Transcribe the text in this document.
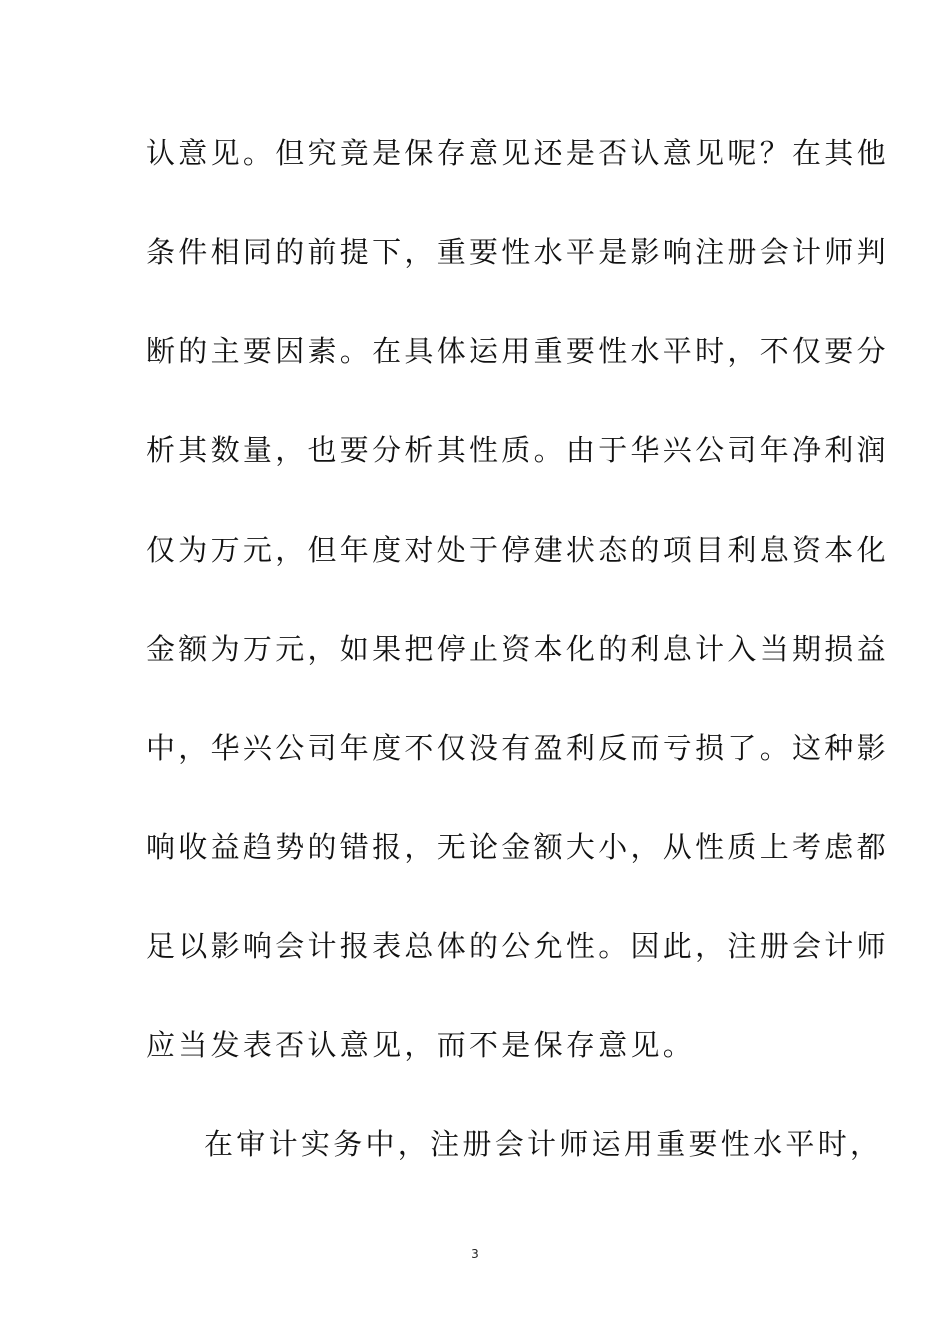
认意见。但究竟是保存意见还是否认意见呢？在其他
条件相同的前提下，重要性水平是影响注册会计师判
断的主要因素。在具体运用重要性水平时，不仅要分
析其数量，也要分析其性质。由于华兴公司年净利润
仅为万元，但年度对处于停建状态的项目利息资本化
金额为万元，如果把停止资本化的利息计入当期损益
中，华兴公司年度不仅没有盈利反而亏损了。这种影
响收益趋势的错报，无论金额大小，从性质上考虑都
足以影响会计报表总体的公允性。因此，注册会计师
应当发表否认意见，而不是保存意见。
在审计实务中，注册会计师运用重要性水平时，
3
